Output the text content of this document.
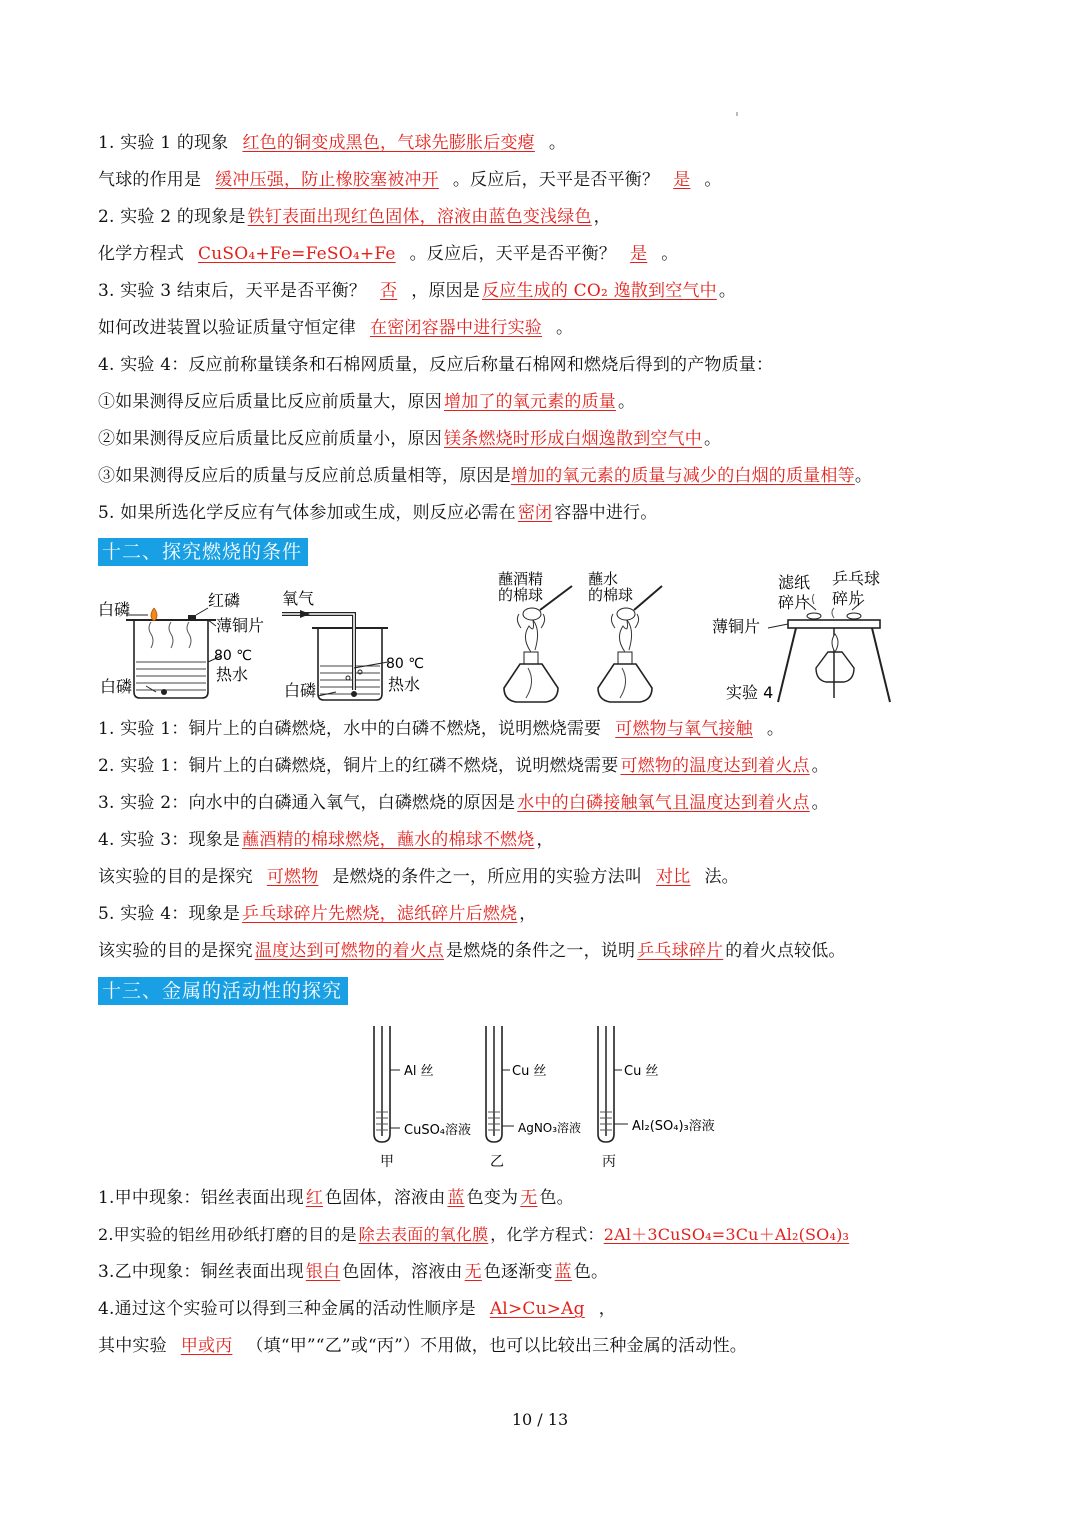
1. 实验 1 的现象 红色的铜变成黑色，气球先膨胀后变瘪 。
气球的作用是 缓冲压强，防止橡胶塞被冲开 。反应后，天平是否平衡？ 是 。
2. 实验 2 的现象是 铁钉表面出现红色固体，溶液由蓝色变浅绿色 ，
化学方程式 CuSO₄+Fe=FeSO₄+Fe 。反应后，天平是否平衡？ 是 。
3. 实验 3 结束后，天平是否平衡？ 否 ，原因是 反应生成的 CO₂ 逸散到空气中 。
如何改进装置以验证质量守恒定律 在密闭容器中进行实验 。
4. 实验 4：反应前称量镁条和石棉网质量，反应后称量石棉网和燃烧后得到的产物质量：
①如果测得反应后质量比反应前质量大，原因 增加了的氧元素的质量 。
②如果测得反应后质量比反应前质量小，原因 镁条燃烧时形成白烟逸散到空气中 。
③如果测得反应后的质量与反应前总质量相等，原因是增加的氧元素的质量与减少的白烟的质量相等。
5. 如果所选化学反应有气体参加或生成，则反应必需在 密闭 容器中进行。
十二、探究燃烧的条件
白磷	红磷
薄铜片
80 ℃
热水
白磷
氧气
80 ℃
热水
白磷
蘸酒精
的棉球
蘸水
的棉球
滤纸
碎片
乒乓球
碎片
薄铜片
实验 4
1. 实验 1：铜片上的白磷燃烧，水中的白磷不燃烧，说明燃烧需要 可燃物与氧气接触 。
2. 实验 1：铜片上的白磷燃烧，铜片上的红磷不燃烧，说明燃烧需要 可燃物的温度达到着火点 。
3. 实验 2：向水中的白磷通入氧气，白磷燃烧的原因是 水中的白磷接触氧气且温度达到着火点 。
4. 实验 3：现象是 蘸酒精的棉球燃烧，蘸水的棉球不燃烧 ，
该实验的目的是探究 可燃物 是燃烧的条件之一，所应用的实验方法叫 对比 法。
5. 实验 4：现象是 乒乓球碎片先燃烧，滤纸碎片后燃烧 ，
该实验的目的是探究 温度达到可燃物的着火点 是燃烧的条件之一，说明 乒乓球碎片 的着火点较低。
十三、金属的活动性的探究
Al 丝
CuSO₄溶液
甲
Cu 丝
AgNO₃溶液
乙
Cu 丝
Al₂(SO₄)₃溶液
丙
1.甲中现象：铝丝表面出现 红 色固体，溶液由 蓝 色变为 无 色。
2.甲实验的铝丝用砂纸打磨的目的是 除去表面的氧化膜 ，化学方程式：2Al＋3CuSO₄=3Cu＋Al₂(SO₄)₃
3.乙中现象：铜丝表面出现 银白 色固体，溶液由 无 色逐渐变 蓝 色。
4.通过这个实验可以得到三种金属的活动性顺序是 Al>Cu>Ag ，
其中实验 甲或丙 （填“甲”“乙”或“丙”）不用做，也可以比较出三种金属的活动性。
10 / 13
